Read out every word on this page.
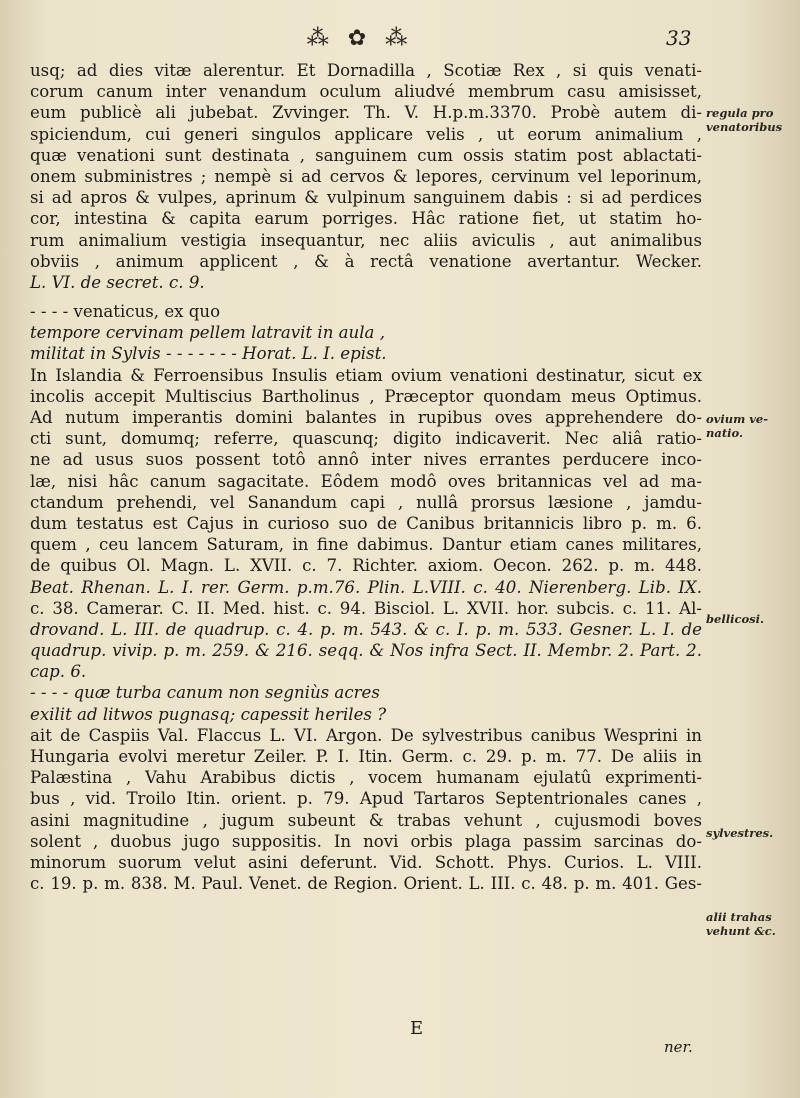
⁂ ✿ ⁂	33
usq; ad dies vitæ alerentur. Et Dornadilla , Scotiæ Rex , si quis venati-
corum canum inter venandum oculum aliudvé membrum casu amisisset,
eum publicè ali jubebat. Zvvinger. Th. V. H.p.m.3370. Probè autem di-
spiciendum, cui generi singulos applicare velis , ut eorum animalium ,
quæ venationi sunt destinata , sanguinem cum ossis statim post ablactati-
onem subministres ; nempè si ad cervos & lepores, cervinum vel leporinum,
si ad apros & vulpes, aprinum & vulpinum sanguinem dabis : si ad perdices
cor, intestina & capita earum porriges. Hâc ratione fiet, ut statim ho-
rum animalium vestigia insequantur, nec aliis aviculis , aut animalibus
obviis , animum applicent , & à rectâ venatione avertantur. Wecker.
L. VI. de secret. c. 9.
- - - - venaticus, ex quo
tempore cervinam pellem latravit in aula ,
militat in Sylvis - - - - - - - Horat. L. I. epist.
In Islandia & Ferroensibus Insulis etiam ovium venationi destinatur, sicut ex
incolis accepit Multiscius Bartholinus , Præceptor quondam meus Optimus.
Ad nutum imperantis domini balantes in rupibus oves apprehendere do-
cti sunt, domumq; referre, quascunq; digito indicaverit. Nec aliâ ratio-
ne ad usus suos possent totô annô inter nives errantes perducere inco-
læ, nisi hâc canum sagacitate. Eôdem modô oves britannicas vel ad ma-
ctandum prehendi, vel Sanandum capi , nullâ prorsus læsione , jamdu-
dum testatus est Cajus in curioso suo de Canibus britannicis libro p. m. 6.
quem , ceu lancem Saturam, in fine dabimus. Dantur etiam canes militares,
de quibus Ol. Magn. L. XVII. c. 7. Richter. axiom. Oecon. 262. p. m. 448.
Beat. Rhenan. L. I. rer. Germ. p.m.76. Plin. L.VIII. c. 40. Nierenberg. Lib. IX.
c. 38. Camerar. C. II. Med. hist. c. 94. Bisciol. L. XVII. hor. subcis. c. 11. Al-
drovand. L. III. de quadrup. c. 4. p. m. 543. & c. I. p. m. 533. Gesner. L. I. de
quadrup. vivip. p. m. 259. & 216. seqq. & Nos infra Sect. II. Membr. 2. Part. 2.
cap. 6.
- - - - quæ turba canum non segniùs acres
exilit ad litwos pugnasq; capessit heriles ?
ait de Caspiis Val. Flaccus L. VI. Argon. De sylvestribus canibus Wesprini in
Hungaria evolvi meretur Zeiler. P. I. Itin. Germ. c. 29. p. m. 77. De aliis in
Palæstina , Vahu Arabibus dictis , vocem humanam ejulatû exprimenti-
bus , vid. Troilo Itin. orient. p. 79. Apud Tartaros Septentrionales canes ,
asini magnitudine , jugum subeunt & trabas vehunt , cujusmodi boves
solent , duobus jugo suppositis. In novi orbis plaga passim sarcinas do-
minorum suorum velut asini deferunt. Vid. Schott. Phys. Curios. L. VIII.
c. 19. p. m. 838. M. Paul. Venet. de Region. Orient. L. III. c. 48. p. m. 401. Ges-
regula pro venatoribus
ovium ve-natio.
bellicosi.
sylvestres.
alii trahas vehunt &c.
E
ner.
